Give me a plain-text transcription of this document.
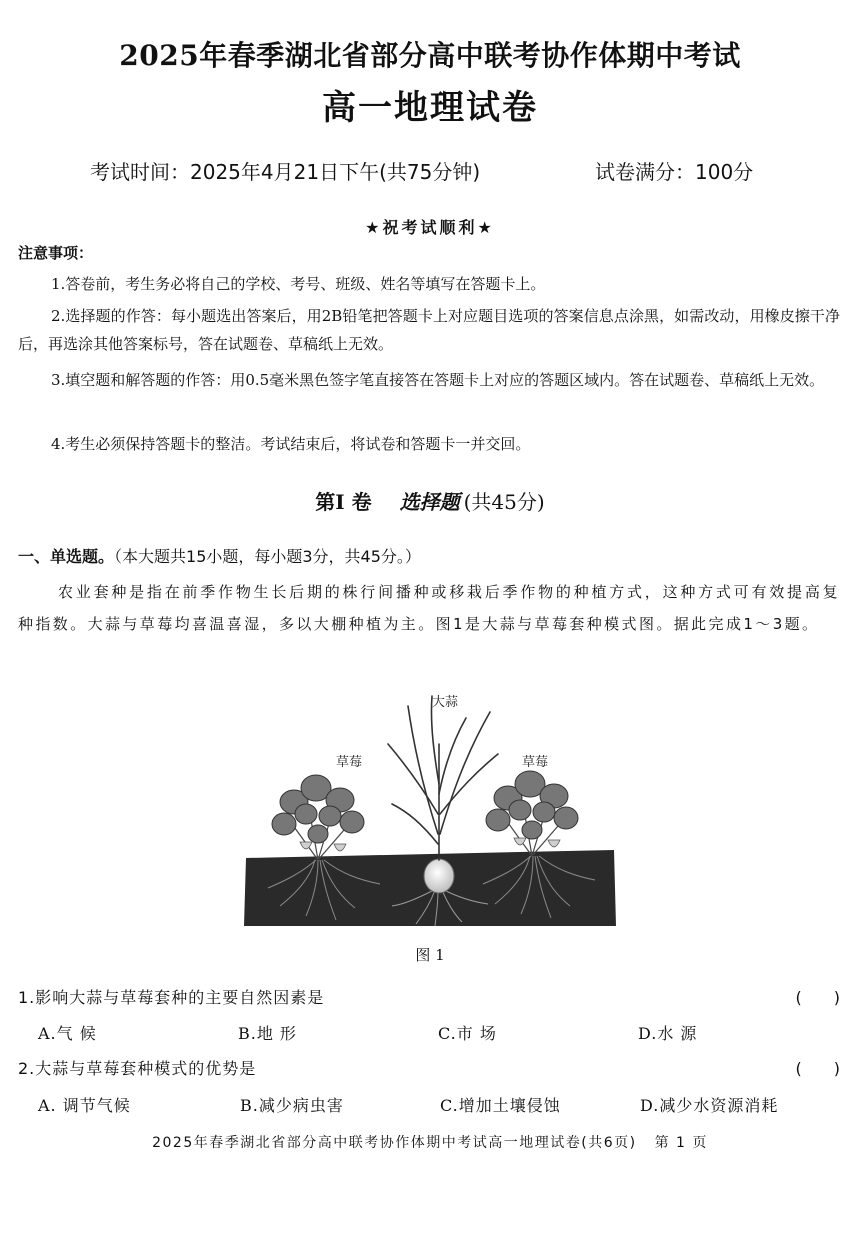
2025年春季湖北省部分高中联考协作体期中考试
高一地理试卷
考试时间：2025年4月21日下午(共75分钟)	试卷满分：100分
★祝考试顺利★
注意事项：
1.答卷前，考生务必将自己的学校、考号、班级、姓名等填写在答题卡上。
2.选择题的作答：每小题选出答案后，用2B铅笔把答题卡上对应题目选项的答案信息点涂黑，如需改动，用橡皮擦干净后，再选涂其他答案标号，答在试题卷、草稿纸上无效。
3.填空题和解答题的作答：用0.5毫米黑色签字笔直接答在答题卡上对应的答题区域内。答在试题卷、草稿纸上无效。
4.考生必须保持答题卡的整洁。考试结束后，将试卷和答题卡一并交回。
第I 卷 选择题 (共45分)
一、单选题。（本大题共15小题，每小题3分，共45分。）
农业套种是指在前季作物生长后期的株行间播种或移栽后季作物的种植方式，这种方式可有效提高复种指数。大蒜与草莓均喜温喜湿，多以大棚种植为主。图1是大蒜与草莓套种模式图。据此完成1～3题。
大蒜
草莓	草莓
图 1
1.影响大蒜与草莓套种的主要自然因素是	(　　)
A.气 候	B.地 形	C.市 场	D.水 源
2.大蒜与草莓套种模式的优势是	(　　)
A. 调节气候	B.减少病虫害	C.增加土壤侵蚀	D.减少水资源消耗
2025年春季湖北省部分高中联考协作体期中考试高一地理试卷(共6页) 第 1 页
